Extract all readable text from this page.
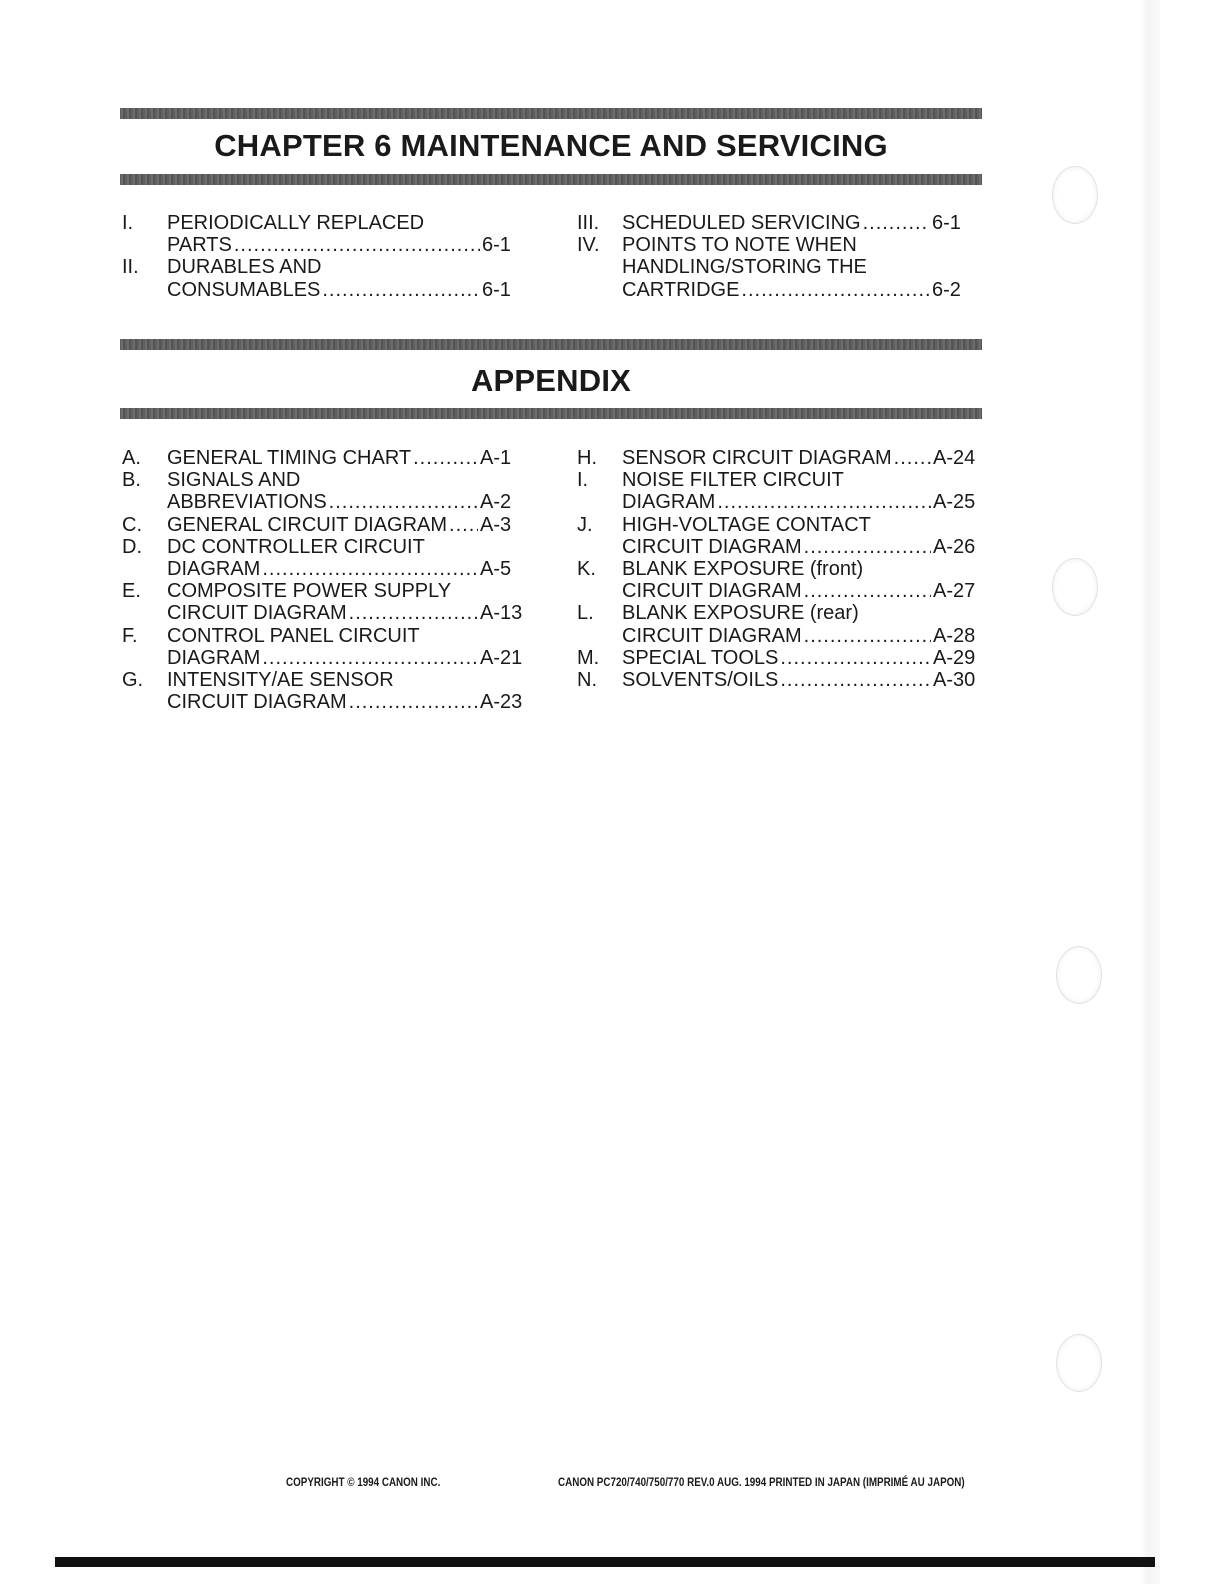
CHAPTER 6 MAINTENANCE AND SERVICING
I.	PERIODICALLY REPLACED
PARTS .....	6-1
II.	DURABLES AND
CONSUMABLES .....	6-1
III.	SCHEDULED SERVICING .....	6-1
IV.	POINTS TO NOTE WHEN
HANDLING/STORING THE
CARTRIDGE .....	6-2
APPENDIX
A.	GENERAL TIMING CHART .....	A-1
B.	SIGNALS AND
ABBREVIATIONS .....	A-2
C.	GENERAL CIRCUIT DIAGRAM ..... A-3
D.	DC CONTROLLER CIRCUIT
DIAGRAM .....	A-5
E.	COMPOSITE POWER SUPPLY
CIRCUIT DIAGRAM .....	A-13
F.	CONTROL PANEL CIRCUIT
DIAGRAM .....	A-21
G.	INTENSITY/AE SENSOR
CIRCUIT DIAGRAM .....	A-23
H.	SENSOR CIRCUIT DIAGRAM ..... A-24
I.	NOISE FILTER CIRCUIT
DIAGRAM .....	A-25
J.	HIGH-VOLTAGE CONTACT
CIRCUIT DIAGRAM .....	A-26
K.	BLANK EXPOSURE (front)
CIRCUIT DIAGRAM .....	A-27
L.	BLANK EXPOSURE (rear)
CIRCUIT DIAGRAM .....	A-28
M.	SPECIAL TOOLS .....	A-29
N.	SOLVENTS/OILS .....	A-30
COPYRIGHT © 1994 CANON INC.	CANON PC720/740/750/770 REV.0 AUG. 1994 PRINTED IN JAPAN (IMPRIMÉ AU JAPON)
